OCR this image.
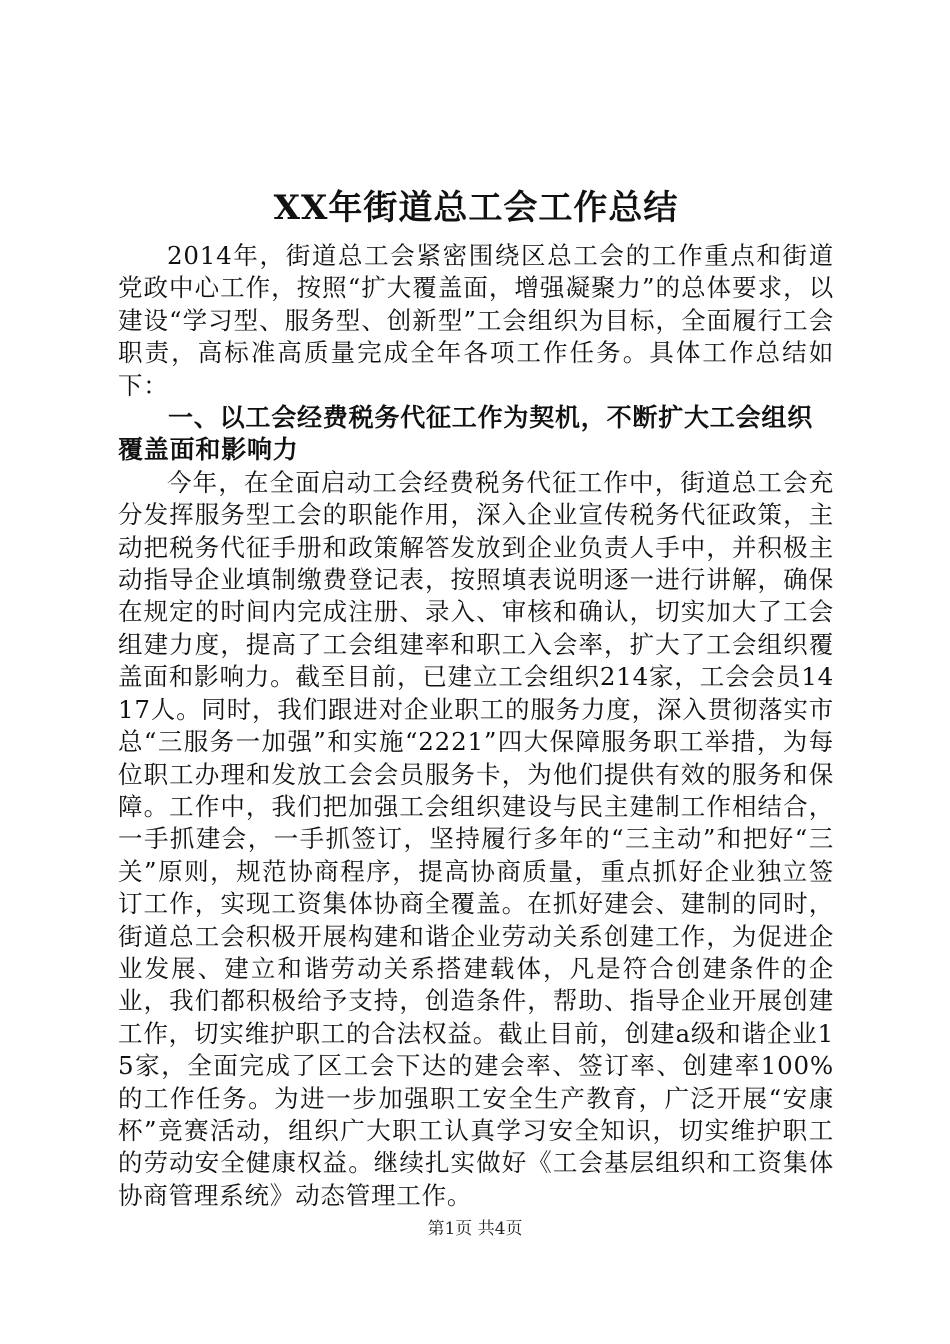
XX年街道总工会工作总结

2014年，街道总工会紧密围绕区总工会的工作重点和街道党政中心工作，按照“扩大覆盖面，增强凝聚力”的总体要求，以建设“学习型、服务型、创新型”工会组织为目标，全面履行工会职责，高标准高质量完成全年各项工作任务。具体工作总结如下：

一、以工会经费税务代征工作为契机，不断扩大工会组织覆盖面和影响力

今年，在全面启动工会经费税务代征工作中，街道总工会充分发挥服务型工会的职能作用，深入企业宣传税务代征政策，主动把税务代征手册和政策解答发放到企业负责人手中，并积极主动指导企业填制缴费登记表，按照填表说明逐一进行讲解，确保在规定的时间内完成注册、录入、审核和确认，切实加大了工会组建力度，提高了工会组建率和职工入会率，扩大了工会组织覆盖面和影响力。截至目前，已建立工会组织214家，工会会员1417人。同时，我们跟进对企业职工的服务力度，深入贯彻落实市总“三服务一加强”和实施“2221”四大保障服务职工举措，为每位职工办理和发放工会会员服务卡，为他们提供有效的服务和保障。工作中，我们把加强工会组织建设与民主建制工作相结合，一手抓建会，一手抓签订，坚持履行多年的“三主动”和把好“三关”原则，规范协商程序，提高协商质量，重点抓好企业独立签订工作，实现工资集体协商全覆盖。在抓好建会、建制的同时，街道总工会积极开展构建和谐企业劳动关系创建工作，为促进企业发展、建立和谐劳动关系搭建载体，凡是符合创建条件的企业，我们都积极给予支持，创造条件，帮助、指导企业开展创建工作，切实维护职工的合法权益。截止目前，创建a级和谐企业15家，全面完成了区工会下达的建会率、签订率、创建率100%的工作任务。为进一步加强职工安全生产教育，广泛开展“安康杯”竞赛活动，组织广大职工认真学习安全知识，切实维护职工的劳动安全健康权益。继续扎实做好《工会基层组织和工资集体协商管理系统》动态管理工作。

第1页 共4页
